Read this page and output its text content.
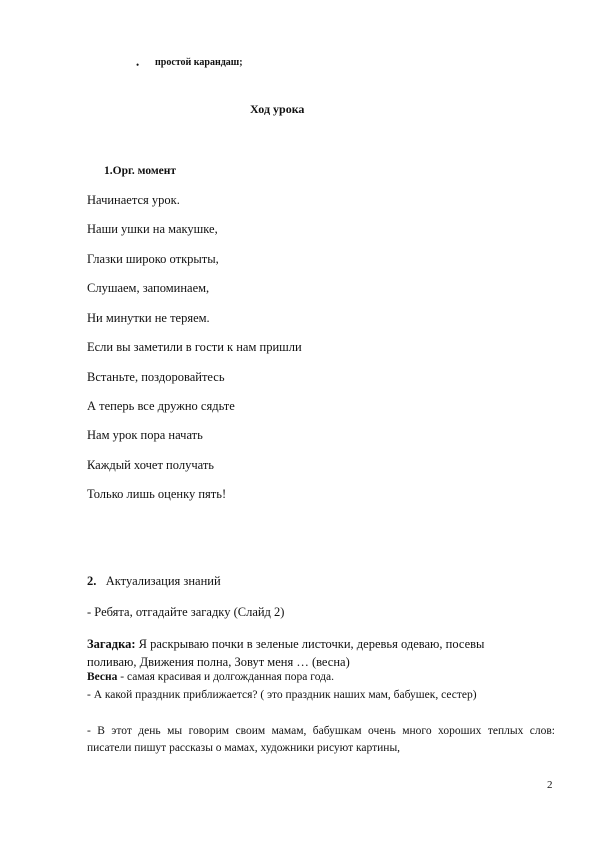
• простой карандаш;
Ход урока
1.Орг. момент
Начинается урок.
Наши ушки на макушке,
Глазки широко открыты,
Слушаем, запоминаем,
Ни минутки не теряем.
Если вы заметили в гости к нам пришли
Встаньте, поздоровайтесь
А теперь все дружно сядьте
Нам урок пора начать
Каждый хочет получать
Только лишь оценку пять!
2. Актуализация знаний
- Ребята, отгадайте загадку (Слайд 2)
Загадка: Я раскрываю почки в зеленые листочки, деревья одеваю, посевы поливаю, Движения полна, Зовут меня … (весна)
Весна - самая красивая и долгожданная пора года.
- А какой праздник приближается? ( это праздник наших мам, бабушек, сестер)
- В этот день мы говорим своим мамам, бабушкам очень много хороших теплых слов: писатели пишут рассказы о мамах, художники рисуют картины,
2
